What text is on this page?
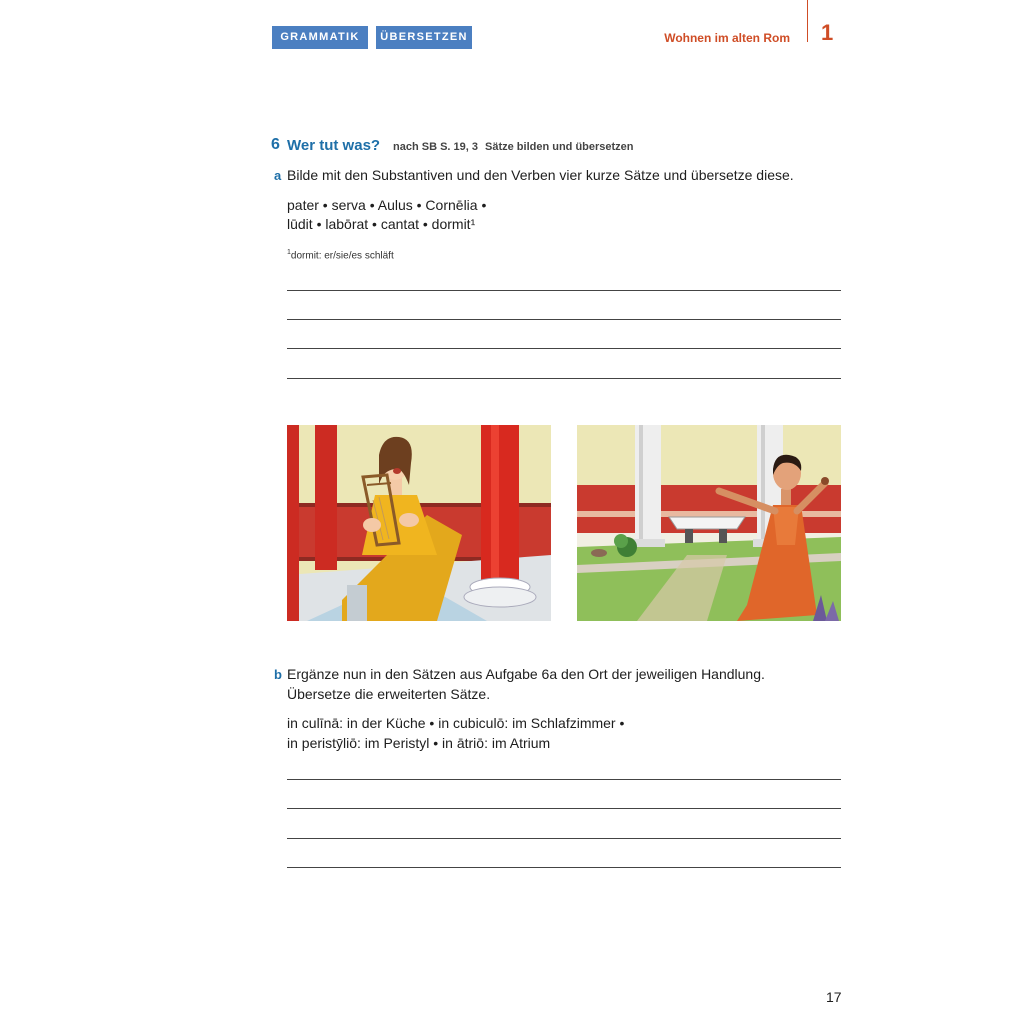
GRAMMATIK	ÜBERSETZEN	Wohnen im alten Rom 1
6 Wer tut was? nach SB S. 19, 3 Sätze bilden und übersetzen
a Bilde mit den Substantiven und den Verben vier kurze Sätze und übersetze diese.
pater • serva • Aulus • Cornēlia •
lūdit • labōrat • cantat • dormit¹
$^1$dormit: er/sie/es schläft
b Ergänze nun in den Sätzen aus Aufgabe 6a den Ort der jeweiligen Handlung.
Übersetze die erweiterten Sätze.
in culīnā: in der Küche • in cubiculō: im Schlafzimmer •
in peristӯliō: im Peristyl • in ātriō: im Atrium
17
